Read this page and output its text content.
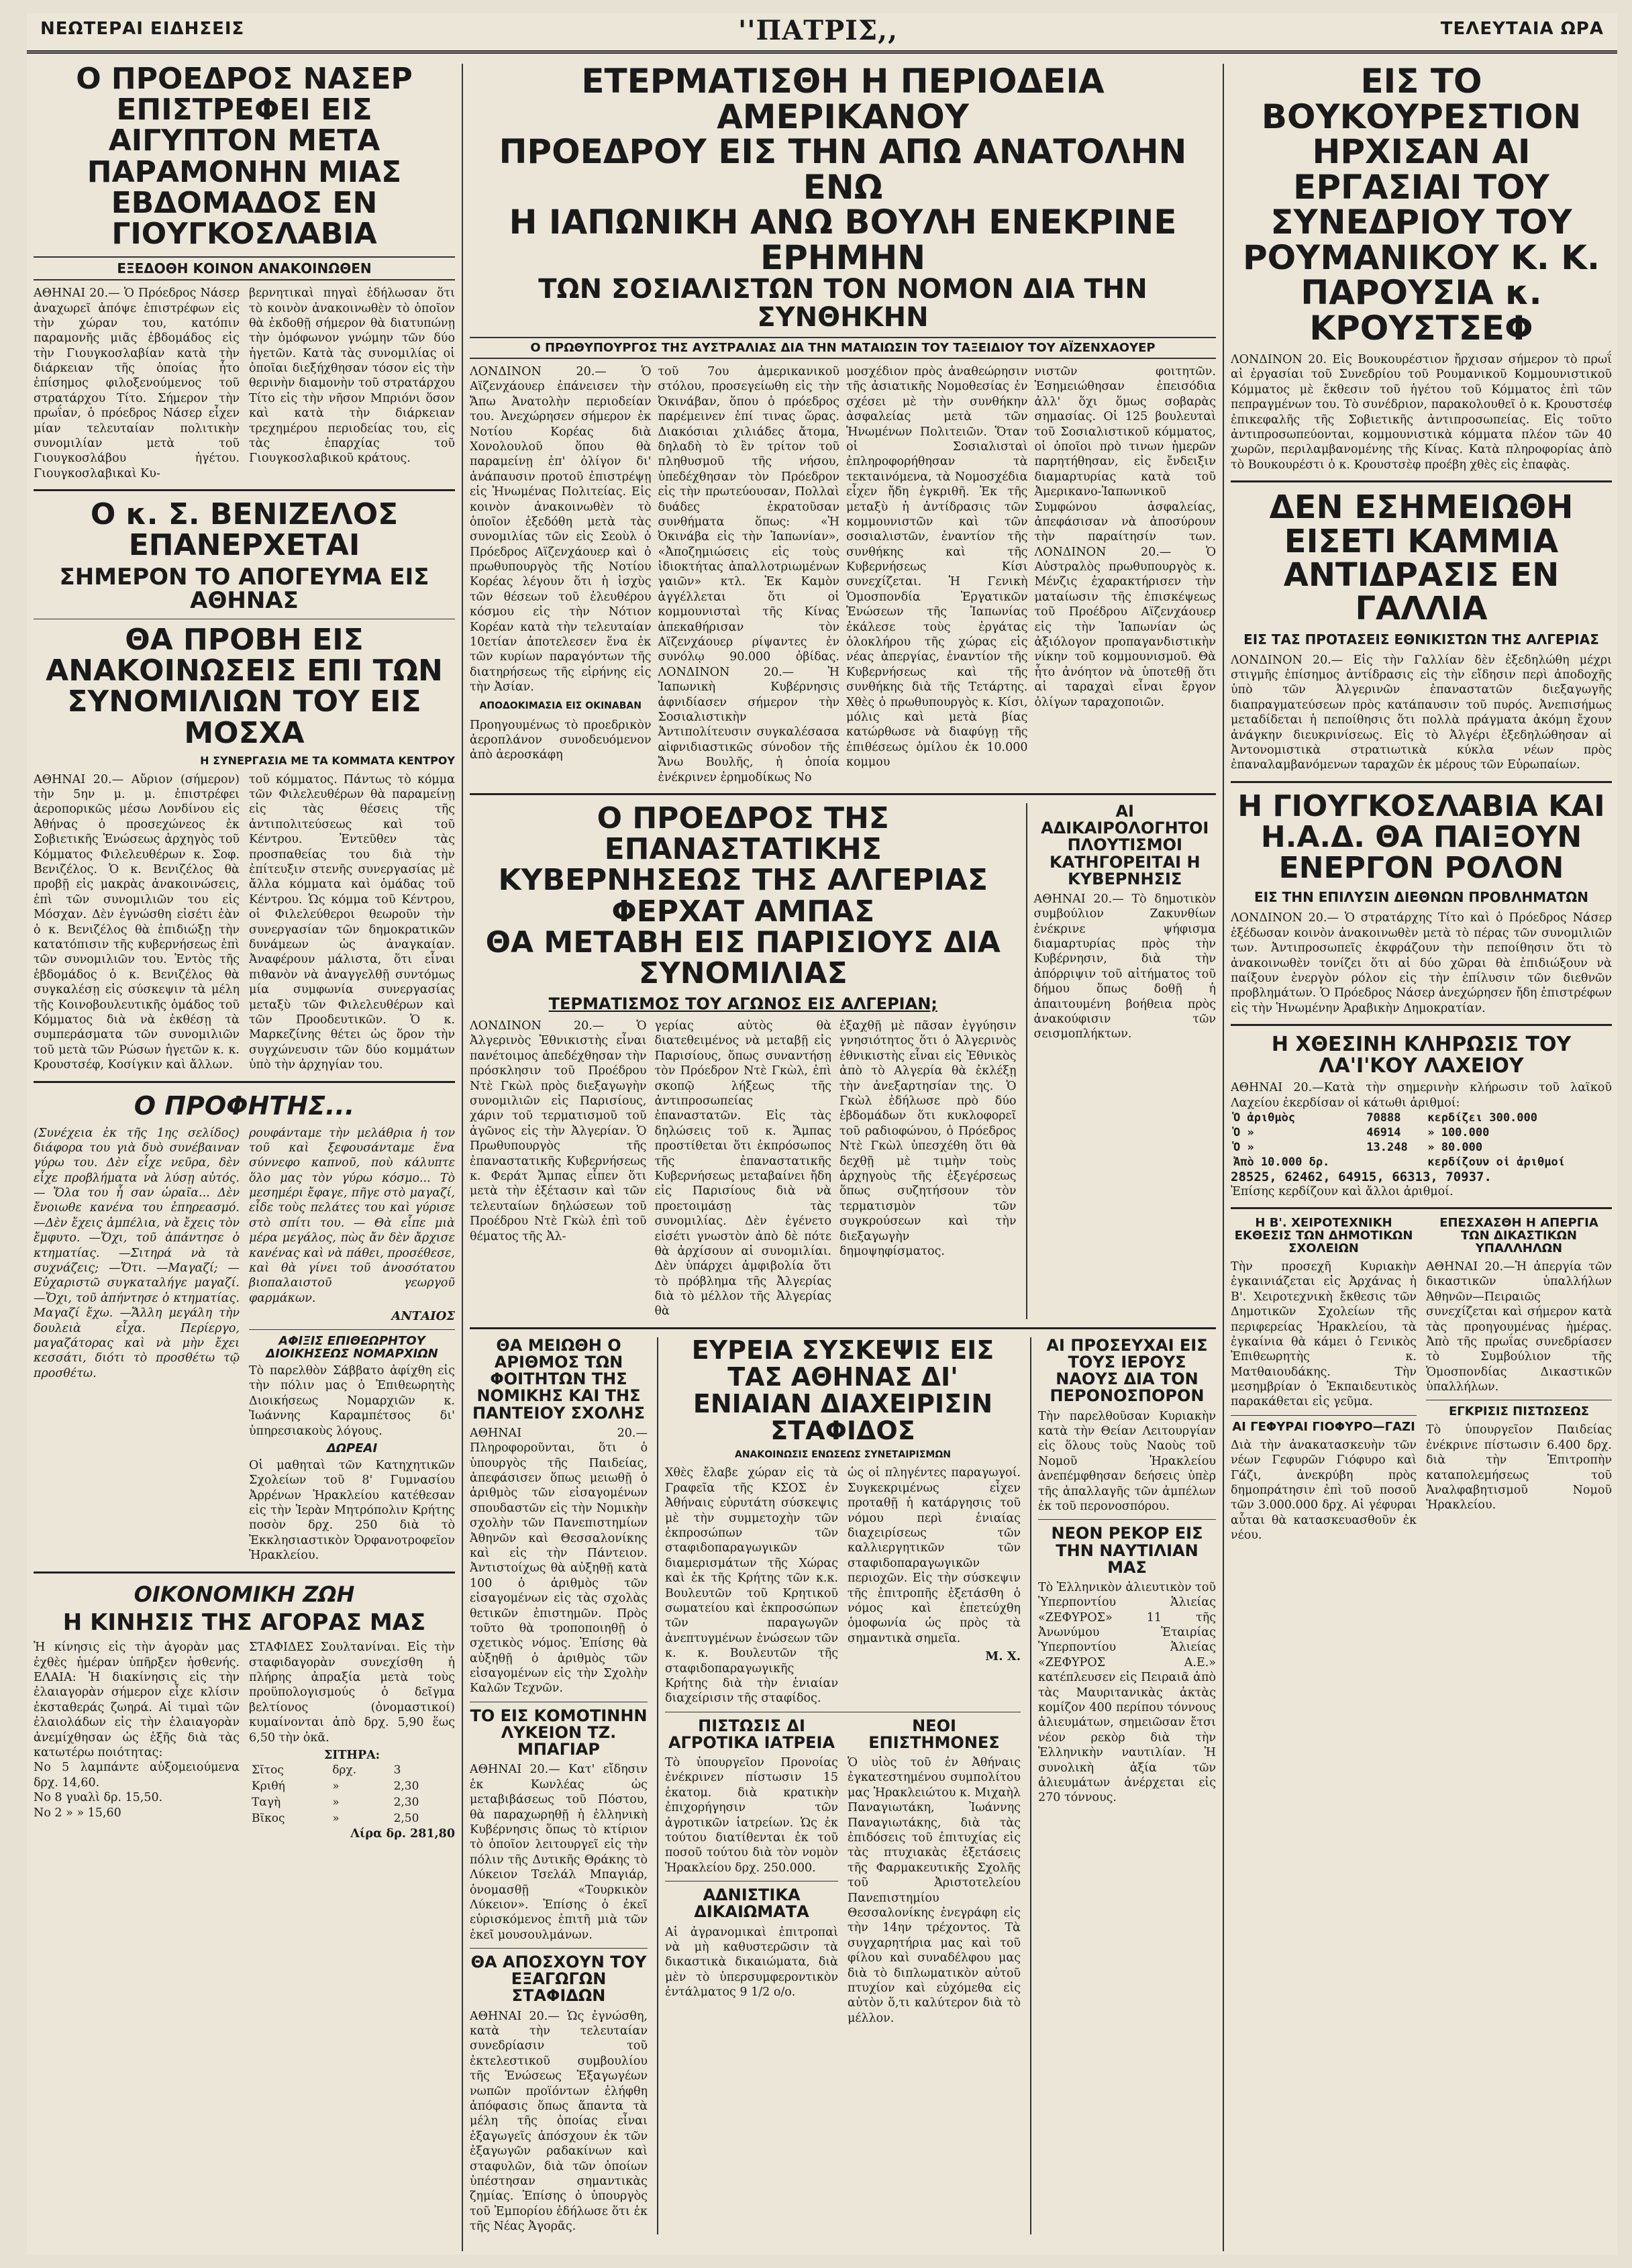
ΝΕΩΤΕΡΑΙ ΕΙΔΗΣΕΙΣ	''ΠΑΤΡΙΣ,,	ΤΕΛΕΥΤΑΙΑ ΩΡΑ
Ο ΠΡΟΕΔΡΟΣ ΝΑΣΕΡ ΕΠΙΣΤΡΕΦΕΙ ΕΙΣ ΑΙΓΥΠΤΟΝ ΜΕΤΑ ΠΑΡΑΜΟΝΗΝ ΜΙΑΣ ΕΒΔΟΜΑΔΟΣ ΕΝ ΓΙΟΥΓΚΟΣΛΑΒΙΑ
ΕΞΕΔΟΘΗ ΚΟΙΝΟΝ ΑΝΑΚΟΙΝΩΘΕΝ
ΑΘΗΝΑΙ 20.— Ὁ Πρόεδρος Νάσερ ἀναχωρεῖ ἀπόψε ἐπιστρέφων εἰς τὴν χώραν του, κατόπιν παραμονῆς μιᾶς ἑβδομάδος εἰς τὴν Γιουγκοσλαβίαν κατὰ τὴν διάρκειαν τῆς ὁποίας ἦτο ἐπίσημος φιλοξενούμενος τοῦ στρατάρχου Τίτο. Σήμερον τὴν πρωΐαν, ὁ πρόεδρος Νάσερ εἶχεν μίαν τελευταίαν πολιτικὴν συνομιλίαν μετὰ τοῦ Γιουγκοσλάβου ἡγέτου. Γιουγκοσλαβικαὶ Κυ-
βερνητικαὶ πηγαὶ ἐδήλωσαν ὅτι τὸ κοινὸν ἀνακοινωθὲν τὸ ὁποῖον θὰ ἐκδοθῇ σήμερον θὰ διατυπώνῃ τὴν ὁμόφωνον γνώμην τῶν δύο ἡγετῶν. Κατὰ τὰς συνομιλίας οἱ ὁποῖαι διεξήχθησαν τόσον εἰς τὴν θερινὴν διαμονὴν τοῦ στρατάρχου Τίτο εἰς τὴν νῆσον Μπριόνι ὅσον καὶ κατὰ τὴν διάρκειαν τρεχημέρου περιοδείας του, εἰς τὰς ἐπαρχίας τοῦ Γιουγκοσλαβικοῦ κράτους.
Ο κ. Σ. ΒΕΝΙΖΕΛΟΣ ΕΠΑΝΕΡΧΕΤΑΙ
ΣΗΜΕΡΟΝ ΤΟ ΑΠΟΓΕΥΜΑ ΕΙΣ ΑΘΗΝΑΣ
ΘΑ ΠΡΟΒΗ ΕΙΣ ΑΝΑΚΟΙΝΩΣΕΙΣ ΕΠΙ ΤΩΝ ΣΥΝΟΜΙΛΙΩΝ ΤΟΥ ΕΙΣ ΜΟΣΧΑ
Η ΣΥΝΕΡΓΑΣΙΑ ΜΕ ΤΑ ΚΟΜΜΑΤΑ ΚΕΝΤΡΟΥ
ΑΘΗΝΑΙ 20.— Αὔριον (σήμερον) τὴν 5ην μ. μ. ἐπιστρέφει ἀεροπορικῶς μέσω Λονδίνου εἰς Ἀθήνας ὁ προσεχώνεος ἐκ Σοβιετικῆς Ἑνώσεως ἀρχηγὸς τοῦ Κόμματος Φιλελευθέρων κ. Σοφ. Βενιζέλος. Ὁ κ. Βενιζέλος θὰ προβῇ εἰς μακρὰς ἀνακοινώσεις, ἐπὶ τῶν συνομιλιῶν του εἰς Μόσχαν. Δὲν ἐγνώσθη εἰσέτι ἐὰν ὁ κ. Βενιζέλος θὰ ἐπιδιώξῃ τὴν κατατόπισιν τῆς κυβερνήσεως ἐπὶ τῶν συνομιλιῶν του. Ἐντὸς τῆς ἑβδομάδος ὁ κ. Βενιζέλος θὰ συγκαλέσῃ εἰς σύσκεψιν τὰ μέλη τῆς Κοινοβουλευτικῆς ὁμάδος τοῦ Κόμματος διὰ νὰ ἐκθέσῃ τὰ συμπεράσματα τῶν συνομιλιῶν τοῦ μετὰ τῶν Ρώσων ἡγετῶν κ. κ. Κρουστσέφ, Κοσίγκιν καὶ ἄλλων.
τοῦ κόμματος. Πάντως τὸ κόμμα τῶν Φιλελευθέρων θὰ παραμείνῃ εἰς τὰς θέσεις τῆς ἀντιπολιτεύσεως καὶ τοῦ Κέντρου. Ἐντεῦθεν τὰς προσπαθείας του διὰ τὴν ἐπίτευξιν στενῆς συνεργασίας μὲ ἄλλα κόμματα καὶ ὁμάδας τοῦ Κέντρου. Ὡς κόμμα τοῦ Κέντρου, οἱ Φιλελεύθεροι θεωροῦν τὴν συνεργασίαν τῶν δημοκρατικῶν δυνάμεων ὡς ἀναγκαίαν. Ἀναφέρουν μάλιστα, ὅτι εἶναι πιθανὸν νὰ ἀναγγελθῇ συντόμως μία συμφωνία συνεργασίας μεταξὺ τῶν Φιλελευθέρων καὶ τῶν Προοδευτικῶν. Ὁ κ. Μαρκεζίνης θέτει ὡς ὅρον τὴν συγχώνευσιν τῶν δύο κομμάτων ὑπὸ τὴν ἀρχηγίαν του.
Ο ΠΡΟΦΗΤΗΣ...
(Συνέχεια ἐκ τῆς 1ης σελίδος) διάφορα του γιὰ δυὸ συνέβαιναν γύρω του. Δὲν εἶχε νεῦρα, δὲν εἶχε προβλήματα νὰ λύσῃ αὐτός. — Ὅλα του ἦ σαν ὡραῖα... Δὲν ἔνοιωθε κανένα του ἐπηρεασμό. —Δὲν ἔχεις ἀμπέλια, νὰ ἔχεις τὸν ἔμφυτο. —Ὄχι, τοῦ ἀπάντησε ὁ κτηματίας. —Σιτηρά νὰ τὰ συχνάζεις; —Ὄτι. —Μαγαζί; —Εὐχαριστῶ συγκαταλήγε μαγαζί. —Ὄχι, τοῦ ἀπήντησε ὁ κτηματίας. Μαγαζί ἔχω. —Ἄλλη μεγάλη τὴν δουλειὰ εἶχα. Περίεργο, μαγαζάτορας καὶ νὰ μὴν ἔχει κεσσάτι, διότι τὸ προσθέτω τῷ προσθέτω.
ρουφάνταμε τὴν μελάθρια ἡ τον τοῦ καὶ ξεφουσάνταμε ἕνα σύννεφο καπνοῦ, ποὺ κάλυπτε ὅλο μας τὸν γύρω κόσμο... Τὸ μεσημέρι ἔφαγε, πῆγε στὸ μαγαζί, εἶδε τοὺς πελάτες του καὶ γύρισε στὸ σπίτι του. — Θὰ εἶπε μιὰ μέρα μεγάλος, πὼς ἄν δὲν ἄρχισε κανένας καὶ νὰ πάθει, προσέθεσε, καὶ θὰ γίνει τοῦ ἀνοσότατου βιοπαλαιστοῦ γεωργοῦ φαρμάκων.
ΑΝΤΑΙΟΣ
ΑΦΙΞΙΣ ΕΠΙΘΕΩΡΗΤΟΥ ΔΙΟΙΚΗΣΕΩΣ ΝΟΜΑΡΧΙΩΝ
Τὸ παρελθὸν Σάββατο ἀφίχθη εἰς τὴν πόλιν μας ὁ Ἐπιθεωρητὴς Διοικήσεως Νομαρχιῶν κ. Ἰωάννης Καραμπέτσος δι' ὑπηρεσιακοὺς λόγους.
ΔΩΡΕΑΙ
Οἱ μαθηταὶ τῶν Κατηχητικῶν Σχολείων τοῦ 8' Γυμνασίου Ἀρρένων Ἡρακλείου κατέθεσαν εἰς τὴν Ἱερὰν Μητρόπολιν Κρήτης ποσὸν δρχ. 250 διὰ τὸ Ἐκκλησιαστικὸν Ὀρφανοτροφεῖον Ἡρακλείου.
ΟΙΚΟΝΟΜΙΚΗ ΖΩΗ
Η ΚΙΝΗΣΙΣ ΤΗΣ ΑΓΟΡΑΣ ΜΑΣ
Ἡ κίνησις εἰς τὴν ἀγορὰν μας ἐχθὲς ἡμέραν ὑπῆρξεν ἠσθενής. ΕΛΑΙΑ: Ἡ διακίνησις εἰς τὴν ἐλαιαγορὰν σήμερον εἶχε κλίσιν ἐκσταθεράς ζωηρά. Αἱ τιμαὶ τῶν ἐλαιολάδων εἰς τὴν ἐλαιαγορὰν ἀνεμίχθησαν ὡς ἑξῆς διὰ τὰς κατωτέρω ποιότητας:
Νο 5 λαμπάντε αὐξομειούμενα δρχ. 14,60.
Νο 8 γυαλὶ δρ. 15,50.
Νο 2 » » 15,60
ΣΤΑΦΙΔΕΣ Σουλτανίναι. Εἰς τὴν σταφιδαγορὰν συνεχίσθη ἡ πλήρης ἀπραξία μετὰ τοὺς προϋπολογισμούς ὁ δεῖγμα βελτίονος (ὀνομαστικοί) κυμαίνονται ἀπὸ δρχ. 5,90 ἕως 6,50 τὴν ὀκᾶ.
ΣΙΤΗΡΑ:
Σῖτος	δρχ.	3
Κριθή	»	2,30
Ταγὴ	»	2,30
Βῖκος	»	2,50
Λίρα δρ. 281,80
ΕΤΕΡΜΑΤΙΣΘΗ Η ΠΕΡΙΟΔΕΙΑ ΑΜΕΡΙΚΑΝΟΥ
ΠΡΟΕΔΡΟΥ ΕΙΣ ΤΗΝ ΑΠΩ ΑΝΑΤΟΛΗΝ ΕΝΩ
Η ΙΑΠΩΝΙΚΗ ΑΝΩ ΒΟΥΛΗ ΕΝΕΚΡΙΝΕ ΕΡΗΜΗΝ
ΤΩΝ ΣΟΣΙΑΛΙΣΤΩΝ ΤΟΝ ΝΟΜΟΝ ΔΙΑ ΤΗΝ ΣΥΝΘΗΚΗΝ
Ο ΠΡΩΘΥΠΟΥΡΓΟΣ ΤΗΣ ΑΥΣΤΡΑΛΙΑΣ ΔΙΑ ΤΗΝ ΜΑΤΑΙΩΣΙΝ ΤΟΥ ΤΑΞΕΙΔΙΟΥ ΤΟΥ ΑΪΖΕΝΧΑΟΥΕΡ
ΛΟΝΔΙΝΟΝ 20.— Ὁ Αϊζενχάουερ ἐπάνεισεν τὴν Ἄπω Ἀνατολὴν περιοδείαν του. Ἀνεχώρησεν σήμερον ἐκ Νοτίου Κορέας διὰ Χονολουλοῦ ὅπου θὰ παραμείνῃ ἐπ' ὀλίγον δι' ἀνάπαυσιν προτοῦ ἐπιστρέψῃ εἰς Ἡνωμένας Πολιτείας. Εἰς κοινὸν ἀνακοινωθὲν τὸ ὁποῖον ἐξεδόθη μετὰ τὰς συνομιλίας τῶν εἰς Σεοὺλ ὁ Πρόεδρος Αϊζενχάουερ καὶ ὁ πρωθυπουργὸς τῆς Νοτίου Κορέας λέγουν ὅτι ἡ ἰσχὺς τῶν θέσεων τοῦ ἐλευθέρου κόσμου εἰς τὴν Νότιον Κορέαν κατὰ τὴν τελευταίαν 10ετίαν ἀποτελεσεν ἕνα ἐκ τῶν κυρίων παραγόντων τῆς διατηρήσεως τῆς εἰρήνης εἰς τὴν Ἀσίαν.
ΑΠΟΔΟΚΙΜΑΣΙΑ ΕΙΣ ΟΚΙΝΑΒΑΝ
Προηγουμένως τὸ προεδρικὸν ἀεροπλάνον συνοδευόμενον ἀπὸ ἀεροσκάφη
τοῦ 7ου ἀμερικανικοῦ στόλου, προσεγείωθη εἰς τὴν Ὀκινάβαν, ὅπου ὁ πρόεδρος παρέμεινεν ἐπί τινας ὥρας. Διακόσιαι χιλιάδες ἄτομα, δηλαδὴ τὸ ἓν τρίτον τοῦ πληθυσμοῦ τῆς νήσου, ὑπεδέχθησαν τὸν Πρόεδρον εἰς τὴν πρωτεύουσαν, Πολλαὶ δυάδες ἐκρατοῦσαν συνθήματα ὅπως: «Ἡ Ὀκινάβα εἰς τὴν Ἰαπωνίαν», «Ἀποζημιώσεις εἰς τοὺς ἰδιοκτήτας ἀπαλλοτριωμένων γαιῶν» κτλ. Ἐκ Καμὸν ἀγγέλλεται ὅτι οἱ κομμουνισταὶ τῆς Κίνας ἀπεκαθήρισαν τὸν Αϊζενχάουερ ρίψαντες ἐν συνόλῳ 90.000 ὀβίδας. ΛΟΝΔΙΝΟΝ 20.— Ἡ Ἰαπωνικὴ Κυβέρνησις ἀφνιδίασεν σήμερον τὴν Σοσιαλιστικὴν Ἀντιπολίτευσιν συγκαλέσασα αἰφνιδιαστικῶς σύνοδον τῆς Ἄνω Βουλῆς, ἡ ὁποία ἐνέκρινεν ἐρημοδίκως Νο
μοσχέδιον πρὸς ἀναθεώρησιν τῆς ἀσιατικῆς Νομοθεσίας ἐν σχέσει μὲ τὴν συνθήκην ἀσφαλείας μετὰ τῶν Ἡνωμένων Πολιτειῶν. Ὅταν οἱ Σοσιαλισταὶ ἐπληροφορήθησαν τὰ τεκταινόμενα, τὰ Νομοσχέδια εἶχεν ἤδη ἐγκριθῆ. Ἐκ τῆς μεταξὺ ἡ ἀντίδρασις τῶν κομμουνιστῶν καὶ τῶν σοσιαλιστῶν, ἐναντίον τῆς συνθήκης καὶ τῆς Κυβερνήσεως Κίσι συνεχίζεται. Ἡ Γενικὴ Ὁμοσπονδία Ἐργατικῶν Ἑνώσεων τῆς Ἰαπωνίας ἐκάλεσε τοὺς ἐργάτας ὁλοκλήρου τῆς χώρας εἰς νέας ἀπεργίας, ἐναντίον τῆς Κυβερνήσεως καὶ τῆς συνθήκης διὰ τῆς Τετάρτης. Χθὲς ὁ πρωθυπουργὸς κ. Κίσι, μόλις καὶ μετὰ βίας κατώρθωσε νὰ διαφύγῃ τῆς ἐπιθέσεως ὁμίλου ἐκ 10.000 κομμου
νιστῶν φοιτητῶν. Ἐσημειώθησαν ἐπεισόδια ἀλλ' ὅχι ὅμως σοβαρὰς σημασίας. Οἱ 125 βουλευταὶ τοῦ Σοσιαλιστικοῦ κόμματος, οἱ ὁποῖοι πρὸ τινων ἡμερῶν παρητήθησαν, εἰς ἔνδειξιν διαμαρτυρίας κατὰ τοῦ Ἀμερικανο-Ἰαπωνικοῦ Συμφώνου ἀσφαλείας, ἀπεφάσισαν νὰ ἀποσύρουν τὴν παραίτησίν των. ΛΟΝΔΙΝΟΝ 20.— Ὁ Αὐστραλὸς πρωθυπουργὸς κ. Μένζις ἐχαρακτήρισεν τὴν ματαίωσιν τῆς ἐπισκέψεως τοῦ Προέδρου Αϊζενχάουερ εἰς τὴν Ἰαπωνίαν ὡς ἀξιόλογον προπαγανδιστικὴν νίκην τοῦ κομμουνισμοῦ. Θὰ ἦτο ἀνόητον νὰ ὑποτεθῇ ὅτι αἱ ταραχαὶ εἶναι ἔργον ὀλίγων ταραχοποιῶν.
Ο ΠΡΟΕΔΡΟΣ ΤΗΣ ΕΠΑΝΑΣΤΑΤΙΚΗΣ
ΚΥΒΕΡΝΗΣΕΩΣ ΤΗΣ ΑΛΓΕΡΙΑΣ ΦΕΡΧΑΤ ΑΜΠΑΣ
ΘΑ ΜΕΤΑΒΗ ΕΙΣ ΠΑΡΙΣΙΟΥΣ ΔΙΑ ΣΥΝΟΜΙΛΙΑΣ
ΤΕΡΜΑΤΙΣΜΟΣ ΤΟΥ ΑΓΩΝΟΣ ΕΙΣ ΑΛΓΕΡΙΑΝ;
ΛΟΝΔΙΝΟΝ 20.— Ὁ Ἀλγερινὸς Ἐθνικιστὴς εἶναι πανέτοιμος ἀπεδέχθησαν τὴν πρόσκλησιν τοῦ Προέδρου Ντὲ Γκὼλ πρὸς διεξαγωγὴν συνομιλιῶν εἰς Παρισίους, χάριν τοῦ τερματισμοῦ τοῦ ἀγῶνος εἰς τὴν Ἀλγερίαν. Ὁ Πρωθυπουργὸς τῆς ἐπαναστατικῆς Κυβερνήσεως κ. Φεράτ Ἄμπας εἶπεν ὅτι μετὰ τὴν ἐξέτασιν καὶ τῶν τελευταίων δηλώσεων τοῦ Προέδρου Ντὲ Γκὼλ ἐπὶ τοῦ θέματος τῆς Ἀλ-
γερίας αὐτὸς θὰ διατεθειμένος νὰ μεταβῇ εἰς Παρισίους, ὅπως συναντήσῃ τὸν Πρόεδρον Ντὲ Γκὼλ, ἐπὶ σκοπῷ λήξεως τῆς ἀντιπροσωπείας ἐπαναστατῶν. Εἰς τὰς δηλώσεις τοῦ κ. Ἄμπας προστίθεται ὅτι ἐκπρόσωπος τῆς ἐπαναστατικῆς Κυβερνήσεως μεταβαίνει ἤδη εἰς Παρισίους διὰ νὰ προετοιμάσῃ τὰς συνομιλίας. Δὲν ἐγένετο εἰσέτι γνωστὸν ἀπὸ δὲ πότε θὰ ἀρχίσουν αἱ συνομιλίαι. Δὲν ὑπάρχει ἀμφιβολία ὅτι τὸ πρόβλημα τῆς Ἀλγερίας διὰ τὸ μέλλον τῆς Ἀλγερίας θὰ
ἐξαχθῇ μὲ πᾶσαν ἐγγύησιν γνησιότητος ὅτι ὁ Ἀλγερινὸς ἐθνικιστὴς εἶναι εἰς Ἐθνικὸς ἀπὸ τὸ Αλγερία θὰ ἐκλέξῃ τὴν ἀνεξαρτησίαν της. Ὁ Γκὼλ ἐδήλωσε πρὸ δύο ἑβδομάδων ὅτι κυκλοφορεῖ τοῦ ραδιοφώνου, ὁ Πρόεδρος Ντὲ Γκὼλ ὑπεσχέθη ὅτι θὰ δεχθῇ μὲ τιμὴν τοὺς ἀρχηγοὺς τῆς ἐξεγέρσεως ὅπως συζητήσουν τὸν τερματισμὸν τῶν συγκρούσεων καὶ τὴν διεξαγωγὴν δημοψηφίσματος.
ΑΙ ΑΔΙΚΑΙΡΟΛΟΓΗΤΟΙ ΠΛΟΥΤΙΣΜΟΙ ΚΑΤΗΓΟΡΕΙΤΑΙ Η ΚΥΒΕΡΝΗΣΙΣ
ΑΘΗΝΑΙ 20.— Τὸ δημοτικὸν συμβούλιον Ζακυνθίων ἐνέκρινε ψήφισμα διαμαρτυρίας πρὸς τὴν Κυβέρνησιν, διὰ τὴν ἀπόρριψιν τοῦ αἰτήματος τοῦ δήμου ὅπως δοθῇ ἡ ἀπαιτουμένη βοήθεια πρὸς ἀνακούφισιν τῶν σεισμοπλήκτων.
ΘΑ ΜΕΙΩΘΗ Ο ΑΡΙΘΜΟΣ ΤΩΝ ΦΟΙΤΗΤΩΝ ΤΗΣ ΝΟΜΙΚΗΣ ΚΑΙ ΤΗΣ ΠΑΝΤΕΙΟΥ ΣΧΟΛΗΣ
ΑΘΗΝΑΙ 20.— Πληροφοροῦνται, ὅτι ὁ ὑπουργὸς τῆς Παιδείας, ἀπεφάσισεν ὅπως μειωθῇ ὁ ἀριθμὸς τῶν εἰσαγομένων σπουδαστῶν εἰς τὴν Νομικὴν σχολὴν τῶν Πανεπιστημίων Ἀθηνῶν καὶ Θεσσαλονίκης καὶ εἰς τὴν Πάντειον. Ἀντιστοίχως θὰ αὐξηθῇ κατὰ 100 ὁ ἀριθμὸς τῶν εἰσαγομένων εἰς τὰς σχολὰς θετικῶν ἐπιστημῶν. Πρὸς τοῦτο θὰ τροποποιηθῇ ὁ σχετικὸς νόμος. Ἐπίσης θὰ αὐξηθῇ ὁ ἀριθμὸς τῶν εἰσαγομένων εἰς τὴν Σχολὴν Καλῶν Τεχνῶν.
ΤΟ ΕΙΣ ΚΟΜΟΤΙΝΗΝ ΛΥΚΕΙΟΝ ΤΖ. ΜΠΑΓΙΑΡ
ΑΘΗΝΑΙ 20.— Κατ' εἴδησιν ἐκ Κωνλέας ὡς μεταβιβάσεως τοῦ Πόστου, θὰ παραχωρηθῇ ἡ ἑλληνικὴ Κυβέρνησις ὅπως τὸ κτίριον τὸ ὁποῖον λειτουργεῖ εἰς τὴν πόλιν τῆς Δυτικῆς Θράκης τὸ Λύκειον Τσελάλ Μπαγιάρ, ὀνομασθῇ «Τουρκικὸν Λύκειον». Ἐπίσης ὁ ἐκεῖ εὑρισκόμενος ἐπιτῆ μιὰ τῶν ἐκεῖ μουσουλμάνων.
ΘΑ ΑΠΟΣΧΟΥΝ ΤΟΥ ΕΞΑΓΩΓΩΝ ΣΤΑΦΙΔΩΝ
ΑΘΗΝΑΙ 20.— Ὡς ἐγνώσθη, κατὰ τὴν τελευταίαν συνεδρίασιν τοῦ ἐκτελεστικοῦ συμβουλίου τῆς Ἑνώσεως Ἐξαγωγέων νωπῶν προϊόντων ἐλήφθη ἀπόφασις ὅπως ἅπαντα τὰ μέλη τῆς ὁποίας εἶναι ἐξαγωγεῖς ἀπόσχουν ἐκ τῶν ἐξαγωγῶν ραδακίνων καὶ σταφυλῶν, διὰ τῶν ὁποίων ὑπέστησαν σημαντικὰς ζημίας. Ἐπίσης ὁ ὑπουργὸς τοῦ Ἐμπορίου ἐδήλωσε ὅτι ἐκ τῆς Νέας Ἀγορᾶς.
ΕΥΡΕΙΑ ΣΥΣΚΕΨΙΣ ΕΙΣ ΤΑΣ ΑΘΗΝΑΣ ΔΙ' ΕΝΙΑΙΑΝ ΔΙΑΧΕΙΡΙΣΙΝ ΣΤΑΦΙΔΟΣ
ΑΝΑΚΟΙΝΩΣΙΣ ΕΝΩΣΕΩΣ ΣΥΝΕΤΑΙΡΙΣΜΩΝ
Χθὲς ἔλαβε χώραν εἰς τὰ Γραφεῖα τῆς ΚΣΟΣ ἐν Ἀθήναις εὐρυτάτη σύσκεψις μὲ τὴν συμμετοχὴν τῶν ἐκπροσώπων τῶν σταφιδοπαραγωγικῶν διαμερισμάτων τῆς Χώρας καὶ ἐκ τῆς Κρήτης τῶν κ.κ. Βουλευτῶν τοῦ Κρητικοῦ σωματείου καὶ ἐκπροσώπων τῶν παραγωγῶν ἀνεπτυγμένων ἐνώσεων τῶν κ. κ. Βουλευτῶν τῆς σταφιδοπαραγωγικῆς Κρήτης διὰ τὴν ἑνιαίαν διαχείρισιν τῆς σταφίδος.
ὡς οἱ πληγέντες παραγωγοί. Συγκεκριμένως εἶχεν προταθῇ ἡ κατάργησις τοῦ νόμου περὶ ἑνιαίας διαχειρίσεως τῶν καλλιεργητικῶν τῶν σταφιδοπαραγωγικῶν περιοχῶν. Εἰς τὴν σύσκεψιν τῆς ἐπιτροπῆς ἐξετάσθη ὁ νόμος καὶ ἐπετεύχθη ὁμοφωνία ὡς πρὸς τὰ σημαντικὰ σημεῖα.
Μ. Χ.
ΠΙΣΤΩΣΙΣ ΔΙ ΑΓΡΟΤΙΚΑ ΙΑΤΡΕΙΑ
Τὸ ὑπουργεῖον Προνοίας ἐνέκρινεν πίστωσιν 15 ἑκατομ. διὰ κρατικὴν ἐπιχορήγησιν τῶν ἀγροτικῶν ἰατρείων. Ὡς ἐκ τούτου διατίθενται ἐκ τοῦ ποσοῦ τούτου διὰ τὸν νομὸν Ἡρακλείου δρχ. 250.000.
ΑΔΝΙΣΤΙΚΑ ΔΙΚΑΙΩΜΑΤΑ
Αἱ ἀγρανομικαὶ ἐπιτροπαὶ νὰ μὴ καθυστερῶσιν τὰ δικαστικὰ δικαιώματα, διὰ μὲν τὸ ὑπερσυμφεροντικὸν ἐντάλματος 9 1/2 ο/ο.
ΝΕΟΙ ΕΠΙΣΤΗΜΟΝΕΣ
Ὁ υἱὸς τοῦ ἐν Ἀθήναις ἐγκατεστημένου συμπολίτου μας Ἠρακλειώτου κ. Μιχαὴλ Παναγιωτάκη, Ἰωάννης Παναγιωτάκης, διὰ τὰς ἐπιδόσεις τοῦ ἐπιτυχίας εἰς τὰς πτυχιακὰς ἐξετάσεις τῆς Φαρμακευτικῆς Σχολῆς τοῦ Ἀριστοτελείου Πανεπιστημίου Θεσσαλονίκης ἐνεγράφη εἰς τὴν 14ην τρέχοντος. Τὰ συγχαρητήρια μας καὶ τοῦ φίλου καὶ συναδέλφου μας διὰ τὸ διπλωματικὸν αὐτοῦ πτυχίον καὶ εὐχόμεθα εἰς αὐτὸν ὅ,τι καλύτερον διὰ τὸ μέλλον.
ΑΙ ΠΡΟΣΕΥΧΑΙ ΕΙΣ ΤΟΥΣ ΙΕΡΟΥΣ ΝΑΟΥΣ ΔΙΑ ΤΟΝ ΠΕΡΟΝΟΣΠΟΡΟΝ
Τὴν παρελθοῦσαν Κυριακὴν κατὰ τὴν Θείαν Λειτουργίαν εἰς ὅλους τοὺς Ναοὺς τοῦ Νομοῦ Ἡρακλείου ἀνεπέμφθησαν δεήσεις ὑπὲρ τῆς ἀπαλλαγῆς τῶν ἀμπέλων ἐκ τοῦ περονοσπόρου.
ΝΕΟΝ ΡΕΚΟΡ ΕΙΣ ΤΗΝ ΝΑΥΤΙΛΙΑΝ ΜΑΣ
Τὸ Ἑλληνικὸν ἁλιευτικὸν τοῦ Ὑπερποντίου Ἁλιείας «ΖΕΦΥΡΟΣ» 11 τῆς Ἀνωνύμου Ἑταιρίας Ὑπερποντίου Ἁλιείας «ΖΕΦΥΡΟΣ Α.Ε.» κατέπλευσεν εἰς Πειραιᾶ ἀπὸ τὰς Μαυριτανικὰς ἀκτὰς κομίζον 400 περίπου τόννους ἀλιευμάτων, σημειῶσαν ἔτσι νέον ρεκὸρ διὰ τὴν Ἑλληνικὴν ναυτιλίαν. Ἡ συνολικὴ ἀξία τῶν ἀλιευμάτων ἀνέρχεται εἰς 270 τόννους.
ΕΙΣ ΤΟ ΒΟΥΚΟΥΡΕΣΤΙΟΝ ΗΡΧΙΣΑΝ ΑΙ ΕΡΓΑΣΙΑΙ ΤΟΥ ΣΥΝΕΔΡΙΟΥ ΤΟΥ ΡΟΥΜΑΝΙΚΟΥ Κ. Κ. ΠΑΡΟΥΣΙΑ κ. ΚΡΟΥΣΤΣΕΦ
ΛΟΝΔΙΝΟΝ 20. Εἰς Βουκουρέστιον ἤρχισαν σήμερον τὸ πρωΐ αἱ ἐργασίαι τοῦ Συνεδρίου τοῦ Ρουμανικοῦ Κομμουνιστικοῦ Κόμματος μὲ ἔκθεσιν τοῦ ἡγέτου τοῦ Κόμματος ἐπὶ τῶν πεπραγμένων του. Τὸ συνέδριον, παρακολουθεῖ ὁ κ. Κρουστσέφ ἐπικεφαλῆς τῆς Σοβιετικῆς ἀντιπροσωπείας. Εἰς τοῦτο ἀντιπροσωπεύονται, κομμουνιστικὰ κόμματα πλέον τῶν 40 χωρῶν, περιλαμβανομένης τῆς Κίνας. Κατὰ πληροφορίας ἀπὸ τὸ Βουκουρέστι ὁ κ. Κρουστσὲφ προέβη χθὲς εἰς ἐπαφὰς.
ΔΕΝ ΕΣΗΜΕΙΩΘΗ ΕΙΣΕΤΙ ΚΑΜΜΙΑ ΑΝΤΙΔΡΑΣΙΣ ΕΝ ΓΑΛΛΙΑ
ΕΙΣ ΤΑΣ ΠΡΟΤΑΣΕΙΣ ΕΘΝΙΚΙΣΤΩΝ ΤΗΣ ΑΛΓΕΡΙΑΣ
ΛΟΝΔΙΝΟΝ 20.— Εἰς τὴν Γαλλίαν δὲν ἐξεδηλώθη μέχρι στιγμῆς ἐπίσημος ἀντίδρασις εἰς τὴν εἴδησιν περὶ ἀποδοχῆς ὑπὸ τῶν Ἀλγερινῶν ἐπαναστατῶν διεξαγωγῆς διαπραγματεύσεων πρὸς κατάπαυσιν τοῦ πυρός. Ἀνεπισήμως μεταδίδεται ἡ πεποίθησις ὅτι πολλὰ πράγματα ἀκόμη ἔχουν ἀνάγκην διευκρινίσεως. Εἰς τὸ Ἀλγέρι ἐξεδηλώθησαν αἱ Ἀντονομιστικὰ στρατιωτικὰ κύκλα νέων πρὸς ἐπαναλαμβανόμενων ταραχῶν ἐκ μέρους τῶν Εὐρωπαίων.
Η ΓΙΟΥΓΚΟΣΛΑΒΙΑ ΚΑΙ Η.Α.Δ. ΘΑ ΠΑΙΞΟΥΝ ΕΝΕΡΓΟΝ ΡΟΛΟΝ
ΕΙΣ ΤΗΝ ΕΠΙΛΥΣΙΝ ΔΙΕΘΝΩΝ ΠΡΟΒΛΗΜΑΤΩΝ
ΛΟΝΔΙΝΟΝ 20.— Ὁ στρατάρχης Τίτο καὶ ὁ Πρόεδρος Νάσερ ἐξέδωσαν κοινὸν ἀνακοινωθὲν μετὰ τὸ πέρας τῶν συνομιλιῶν των. Ἀντιπροσωπεῖς ἐκφράζουν τὴν πεποίθησιν ὅτι τὸ ἀνακοινωθὲν τονίζει ὅτι αἱ δύο χῶραι θὰ ἐπιδιώξουν νὰ παίξουν ἐνεργὸν ρόλον εἰς τὴν ἐπίλυσιν τῶν διεθνῶν προβλημάτων. Ὁ Πρόεδρος Νάσερ ἀνεχώρησεν ἤδη ἐπιστρέφων εἰς τὴν Ἡνωμένην Ἀραβικὴν Δημοκρατίαν.
Η ΧΘΕΣΙΝΗ ΚΛΗΡΩΣΙΣ ΤΟΥ ΛΑ'Ι'ΚΟΥ ΛΑΧΕΙΟΥ
ΑΘΗΝΑΙ 20.—Κατὰ τὴν σημερινὴν κλήρωσιν τοῦ λαϊκοῦ Λαχείου ἐκερδίσαν οἱ κάτωθι ἀριθμοί:
Ὁ ἀριθμὸς	70888	κερδίζει 300.000
Ὁ »	46914	» 100.000
Ὁ »	13.248	» 80.000
Ἀπὸ 10.000 δρ.		κερδίζουν οἱ ἀριθμοί
28525, 62462, 64915, 66313, 70937.
Ἐπίσης κερδίζουν καὶ ἄλλοι ἀριθμοί.
Η Β'. ΧΕΙΡΟΤΕΧΝΙΚΗ ΕΚΘΕΣΙΣ ΤΩΝ ΔΗΜΟΤΙΚΩΝ ΣΧΟΛΕΙΩΝ
Τὴν προσεχῆ Κυριακὴν ἐγκαινιάζεται εἰς Ἀρχάνας ἡ Β'. Χειροτεχνικὴ ἔκθεσις τῶν Δημοτικῶν Σχολείων τῆς περιφερείας Ἡρακλείου, τὰ ἐγκαίνια θὰ κάμει ὁ Γενικὸς Ἐπιθεωρητὴς κ. Ματθαιουδάκης. Τὴν μεσημβρίαν ὁ Ἐκπαιδευτικὸς παρακάθεται εἰς γεῦμα.
ΑΙ ΓΕΦΥΡΑΙ ΓΙΟΦΥΡΟ—ΓΑΖΙ
Διὰ τὴν ἀνακατασκευὴν τῶν νέων Γεφυρῶν Γιόφυρο καὶ Γάζι, ἀνεκρύβη πρὸς δημοπράτησιν ἐπὶ τοῦ ποσοῦ τῶν 3.000.000 δρχ. Αἱ γέφυραι αὗται θὰ κατασκευασθοῦν ἐκ νέου.
ΕΠΕΣΧΑΣΘΗ Η ΑΠΕΡΓΙΑ ΤΩΝ ΔΙΚΑΣΤΙΚΩΝ ΥΠΑΛΛΗΛΩΝ
ΑΘΗΝΑΙ 20.—Ἡ ἀπεργία τῶν δικαστικῶν ὑπαλλήλων Ἀθηνῶν—Πειραιῶς συνεχίζεται καὶ σήμερον κατὰ τὰς προηγουμένας ἡμέρας. Ἀπὸ τῆς πρωΐας συνεδρίασεν τὸ Συμβούλιον τῆς Ὁμοσπονδίας Δικαστικῶν ὑπαλλήλων.
ΕΓΚΡΙΣΙΣ ΠΙΣΤΩΣΕΩΣ
Τὸ ὑπουργεῖον Παιδείας ἐνέκρινε πίστωσιν 6.400 δρχ. διὰ τὴν Ἐπιτροπὴν καταπολεμήσεως τοῦ Ἀναλφαβητισμοῦ Νομοῦ Ἡρακλείου.
